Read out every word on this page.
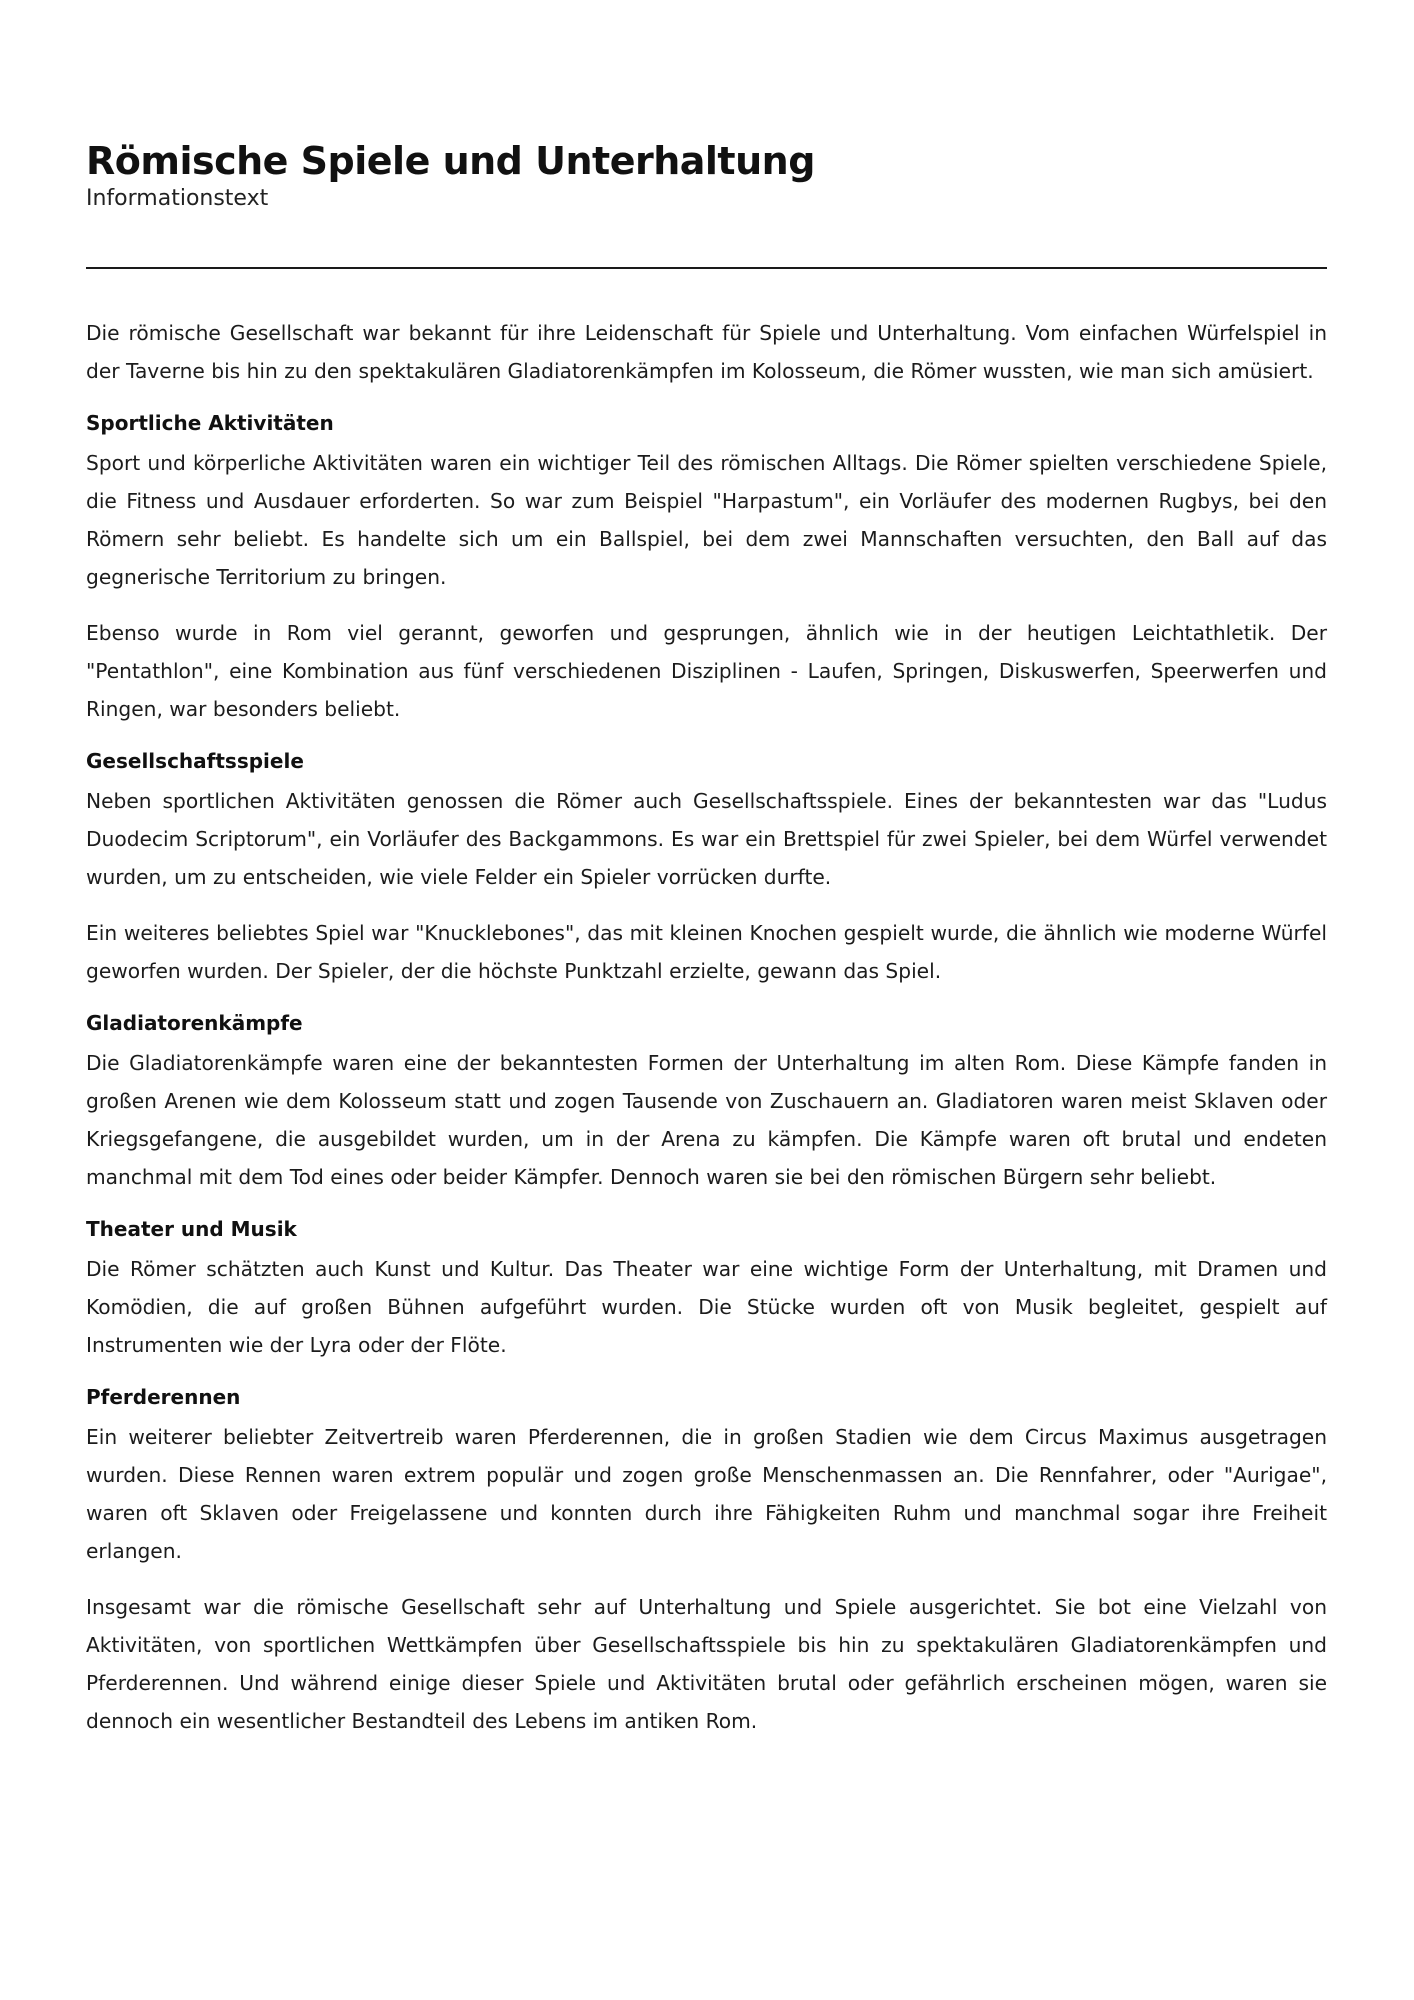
Römische Spiele und Unterhaltung

Informationstext

Die römische Gesellschaft war bekannt für ihre Leidenschaft für Spiele und Unterhaltung. Vom einfachen Würfelspiel in der Taverne bis hin zu den spektakulären Gladiatorenkämpfen im Kolosseum, die Römer wussten, wie man sich amüsiert.

Sportliche Aktivitäten

Sport und körperliche Aktivitäten waren ein wichtiger Teil des römischen Alltags. Die Römer spielten verschiedene Spiele, die Fitness und Ausdauer erforderten. So war zum Beispiel "Harpastum", ein Vorläufer des modernen Rugbys, bei den Römern sehr beliebt. Es handelte sich um ein Ballspiel, bei dem zwei Mannschaften versuchten, den Ball auf das gegnerische Territorium zu bringen.

Ebenso wurde in Rom viel gerannt, geworfen und gesprungen, ähnlich wie in der heutigen Leichtathletik. Der "Pentathlon", eine Kombination aus fünf verschiedenen Disziplinen - Laufen, Springen, Diskuswerfen, Speerwerfen und Ringen, war besonders beliebt.

Gesellschaftsspiele

Neben sportlichen Aktivitäten genossen die Römer auch Gesellschaftsspiele. Eines der bekanntesten war das "Ludus Duodecim Scriptorum", ein Vorläufer des Backgammons. Es war ein Brettspiel für zwei Spieler, bei dem Würfel verwendet wurden, um zu entscheiden, wie viele Felder ein Spieler vorrücken durfte.

Ein weiteres beliebtes Spiel war "Knucklebones", das mit kleinen Knochen gespielt wurde, die ähnlich wie moderne Würfel geworfen wurden. Der Spieler, der die höchste Punktzahl erzielte, gewann das Spiel.

Gladiatorenkämpfe

Die Gladiatorenkämpfe waren eine der bekanntesten Formen der Unterhaltung im alten Rom. Diese Kämpfe fanden in großen Arenen wie dem Kolosseum statt und zogen Tausende von Zuschauern an. Gladiatoren waren meist Sklaven oder Kriegsgefangene, die ausgebildet wurden, um in der Arena zu kämpfen. Die Kämpfe waren oft brutal und endeten manchmal mit dem Tod eines oder beider Kämpfer. Dennoch waren sie bei den römischen Bürgern sehr beliebt.

Theater und Musik

Die Römer schätzten auch Kunst und Kultur. Das Theater war eine wichtige Form der Unterhaltung, mit Dramen und Komödien, die auf großen Bühnen aufgeführt wurden. Die Stücke wurden oft von Musik begleitet, gespielt auf Instrumenten wie der Lyra oder der Flöte.

Pferderennen

Ein weiterer beliebter Zeitvertreib waren Pferderennen, die in großen Stadien wie dem Circus Maximus ausgetragen wurden. Diese Rennen waren extrem populär und zogen große Menschenmassen an. Die Rennfahrer, oder "Aurigae", waren oft Sklaven oder Freigelassene und konnten durch ihre Fähigkeiten Ruhm und manchmal sogar ihre Freiheit erlangen.

Insgesamt war die römische Gesellschaft sehr auf Unterhaltung und Spiele ausgerichtet. Sie bot eine Vielzahl von Aktivitäten, von sportlichen Wettkämpfen über Gesellschaftsspiele bis hin zu spektakulären Gladiatorenkämpfen und Pferderennen. Und während einige dieser Spiele und Aktivitäten brutal oder gefährlich erscheinen mögen, waren sie dennoch ein wesentlicher Bestandteil des Lebens im antiken Rom.
